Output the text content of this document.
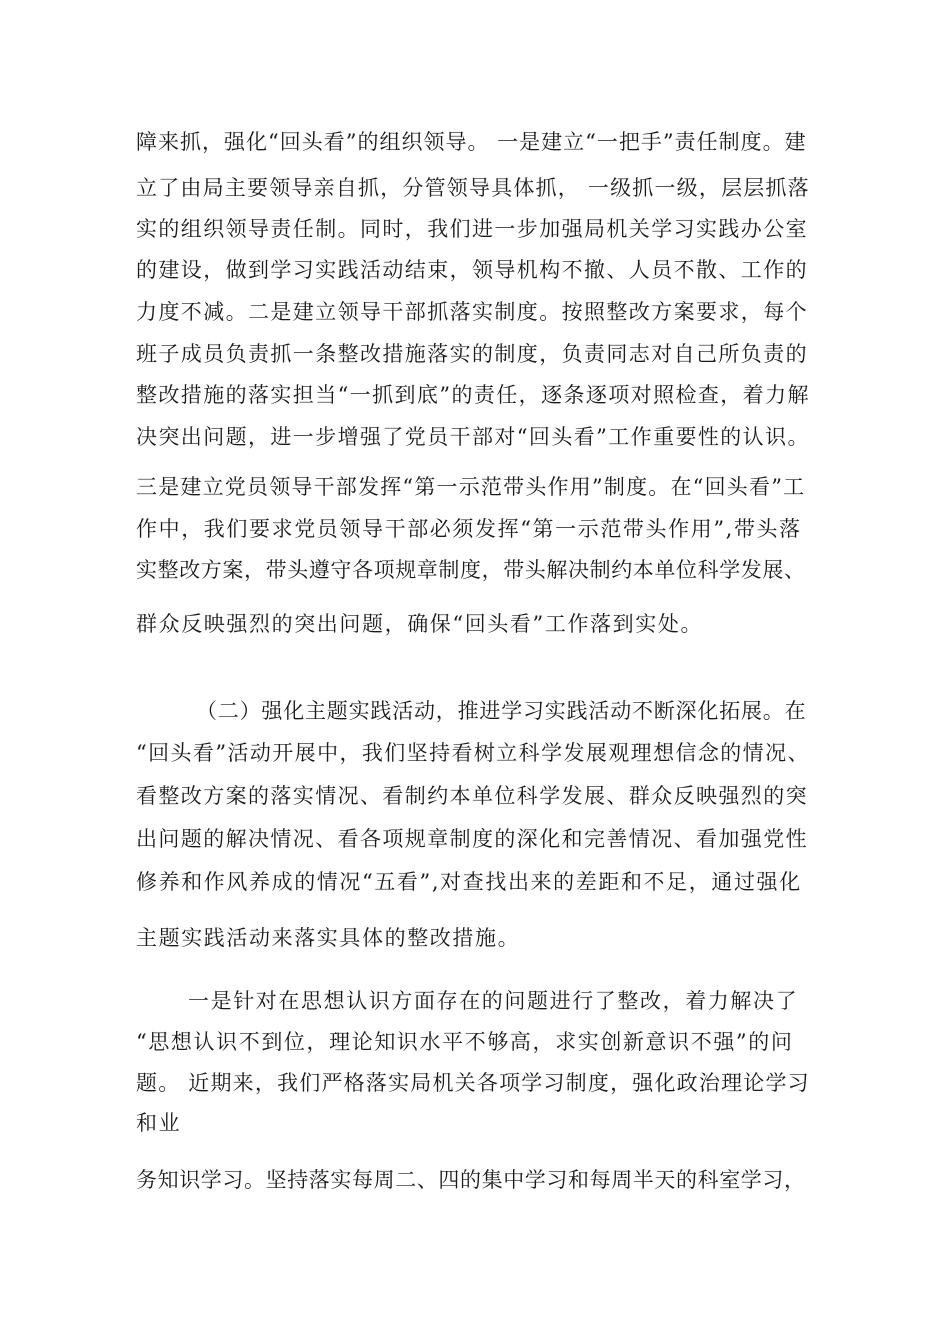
障来抓，强化“回头看”的组织领导。 一是建立“一把手”责任制度。建
立了由局主要领导亲自抓，分管领导具体抓， 一级抓一级，层层抓落
实的组织领导责任制。同时，我们进一步加强局机关学习实践办公室
的建设，做到学习实践活动结束，领导机构不撤、人员不散、工作的
力度不减。二是建立领导干部抓落实制度。按照整改方案要求，每个
班子成员负责抓一条整改措施落实的制度，负责同志对自己所负责的
整改措施的落实担当“一抓到底”的责任，逐条逐项对照检查，着力解
决突出问题，进一步增强了党员干部对“回头看”工作重要性的认识。
三是建立党员领导干部发挥“第一示范带头作用”制度。在“回头看”工
作中，我们要求党员领导干部必须发挥“第一示范带头作用”,带头落
实整改方案，带头遵守各项规章制度，带头解决制约本单位科学发展、
群众反映强烈的突出问题，确保“回头看”工作落到实处。
（二）强化主题实践活动，推进学习实践活动不断深化拓展。在
“回头看”活动开展中，我们坚持看树立科学发展观理想信念的情况、
看整改方案的落实情况、看制约本单位科学发展、群众反映强烈的突
出问题的解决情况、看各项规章制度的深化和完善情况、看加强党性
修养和作风养成的情况“五看”,对查找出来的差距和不足，通过强化
主题实践活动来落实具体的整改措施。
一是针对在思想认识方面存在的问题进行了整改，着力解决了
“思想认识不到位，理论知识水平不够高，求实创新意识不强”的问
题。 近期来，我们严格落实局机关各项学习制度，强化政治理论学习
和业
务知识学习。坚持落实每周二、四的集中学习和每周半天的科室学习，
